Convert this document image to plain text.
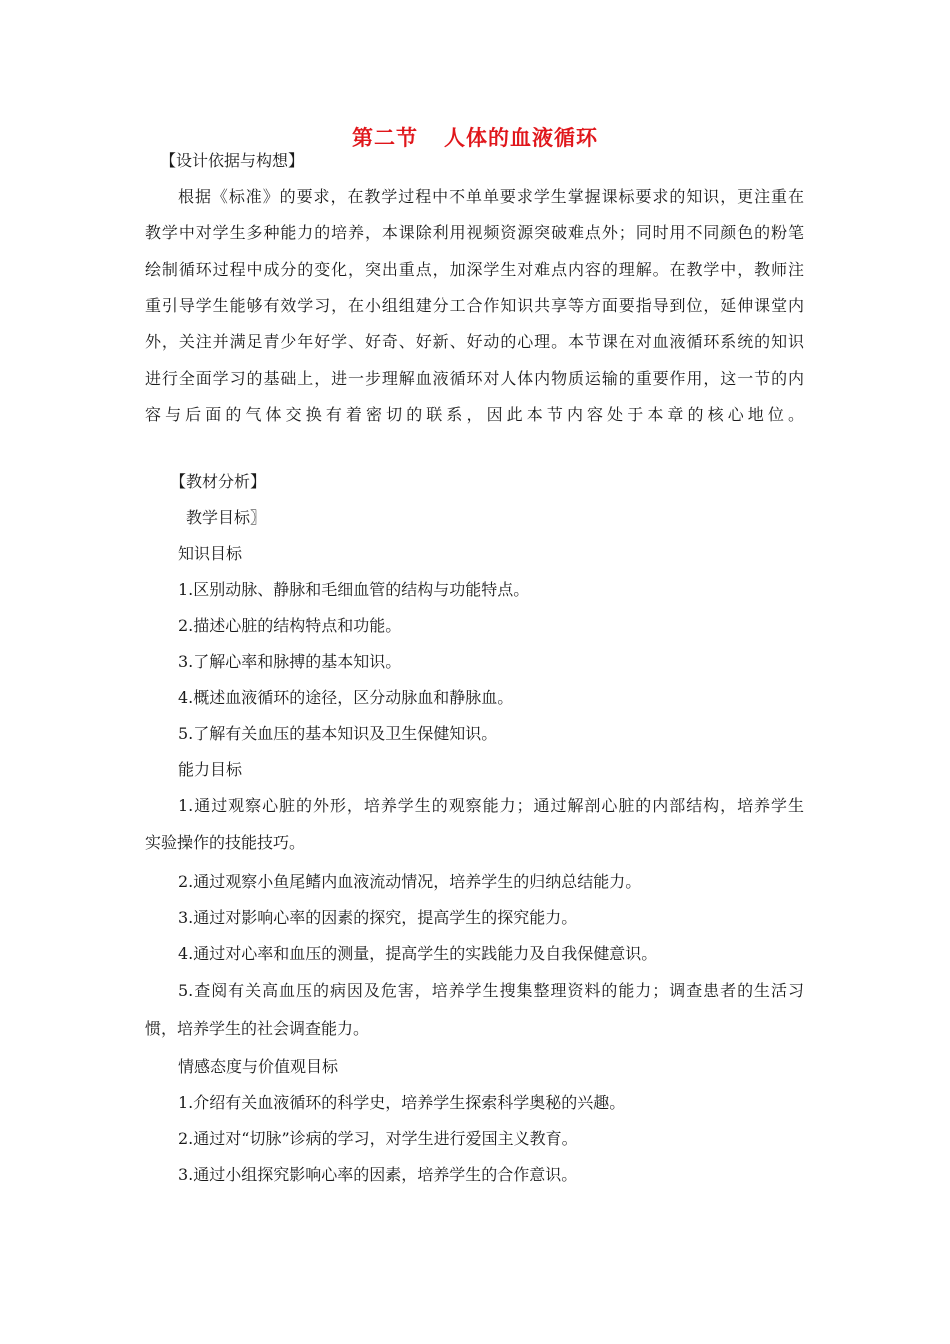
第二节 人体的血液循环
【设计依据与构想】
根据《标准》的要求，在教学过程中不单单要求学生掌握课标要求的知识，更注重在
教学中对学生多种能力的培养，本课除利用视频资源突破难点外；同时用不同颜色的粉笔
绘制循环过程中成分的变化，突出重点，加深学生对难点内容的理解。在教学中，教师注
重引导学生能够有效学习，在小组组建分工合作知识共享等方面要指导到位，延伸课堂内
外，关注并满足青少年好学、好奇、好新、好动的心理。本节课在对血液循环系统的知识
进行全面学习的基础上，进一步理解血液循环对人体内物质运输的重要作用，这一节的内
容与后面的气体交换有着密切的联系，因此本节内容处于本章的核心地位。
【教材分析】
教学目标〗
知识目标
1.区别动脉、静脉和毛细血管的结构与功能特点。
2.描述心脏的结构特点和功能。
3.了解心率和脉搏的基本知识。
4.概述血液循环的途径，区分动脉血和静脉血。
5.了解有关血压的基本知识及卫生保健知识。
能力目标
1.通过观察心脏的外形，培养学生的观察能力；通过解剖心脏的内部结构，培养学生
实验操作的技能技巧。
2.通过观察小鱼尾鳍内血液流动情况，培养学生的归纳总结能力。
3.通过对影响心率的因素的探究，提高学生的探究能力。
4.通过对心率和血压的测量，提高学生的实践能力及自我保健意识。
5.查阅有关高血压的病因及危害，培养学生搜集整理资料的能力；调查患者的生活习
惯，培养学生的社会调查能力。
情感态度与价值观目标
1.介绍有关血液循环的科学史，培养学生探索科学奥秘的兴趣。
2.通过对“切脉”诊病的学习，对学生进行爱国主义教育。
3.通过小组探究影响心率的因素，培养学生的合作意识。
